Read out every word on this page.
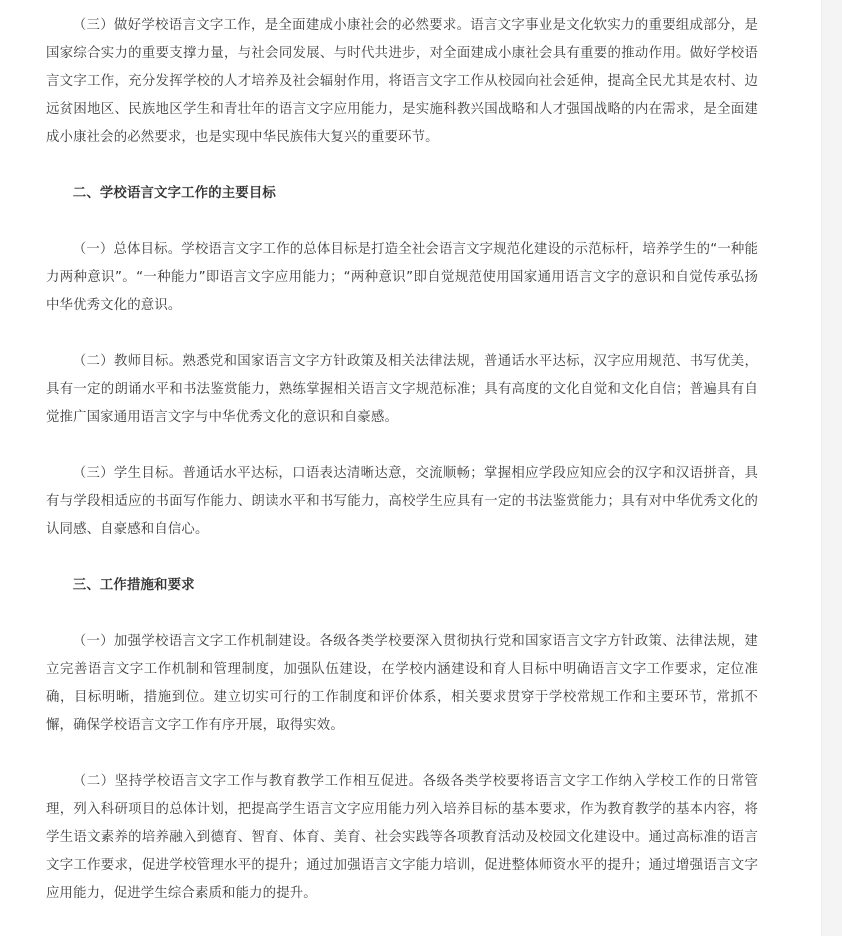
（三）做好学校语言文字工作，是全面建成小康社会的必然要求。语言文字事业是文化软实力的重要组成部分，是国家综合实力的重要支撑力量，与社会同发展、与时代共进步，对全面建成小康社会具有重要的推动作用。做好学校语言文字工作，充分发挥学校的人才培养及社会辐射作用，将语言文字工作从校园向社会延伸，提高全民尤其是农村、边远贫困地区、民族地区学生和青壮年的语言文字应用能力，是实施科教兴国战略和人才强国战略的内在需求，是全面建成小康社会的必然要求，也是实现中华民族伟大复兴的重要环节。

二、学校语言文字工作的主要目标

（一）总体目标。学校语言文字工作的总体目标是打造全社会语言文字规范化建设的示范标杆，培养学生的“一种能力两种意识”。“一种能力”即语言文字应用能力；“两种意识”即自觉规范使用国家通用语言文字的意识和自觉传承弘扬中华优秀文化的意识。

（二）教师目标。熟悉党和国家语言文字方针政策及相关法律法规，普通话水平达标，汉字应用规范、书写优美，具有一定的朗诵水平和书法鉴赏能力，熟练掌握相关语言文字规范标准；具有高度的文化自觉和文化自信；普遍具有自觉推广国家通用语言文字与中华优秀文化的意识和自豪感。

（三）学生目标。普通话水平达标，口语表达清晰达意，交流顺畅；掌握相应学段应知应会的汉字和汉语拼音，具有与学段相适应的书面写作能力、朗读水平和书写能力，高校学生应具有一定的书法鉴赏能力；具有对中华优秀文化的认同感、自豪感和自信心。

三、工作措施和要求

（一）加强学校语言文字工作机制建设。各级各类学校要深入贯彻执行党和国家语言文字方针政策、法律法规，建立完善语言文字工作机制和管理制度，加强队伍建设，在学校内涵建设和育人目标中明确语言文字工作要求，定位准确，目标明晰，措施到位。建立切实可行的工作制度和评价体系，相关要求贯穿于学校常规工作和主要环节，常抓不懈，确保学校语言文字工作有序开展，取得实效。

（二）坚持学校语言文字工作与教育教学工作相互促进。各级各类学校要将语言文字工作纳入学校工作的日常管理，列入科研项目的总体计划，把提高学生语言文字应用能力列入培养目标的基本要求，作为教育教学的基本内容，将学生语文素养的培养融入到德育、智育、体育、美育、社会实践等各项教育活动及校园文化建设中。通过高标准的语言文字工作要求，促进学校管理水平的提升；通过加强语言文字能力培训，促进整体师资水平的提升；通过增强语言文字应用能力，促进学生综合素质和能力的提升。
